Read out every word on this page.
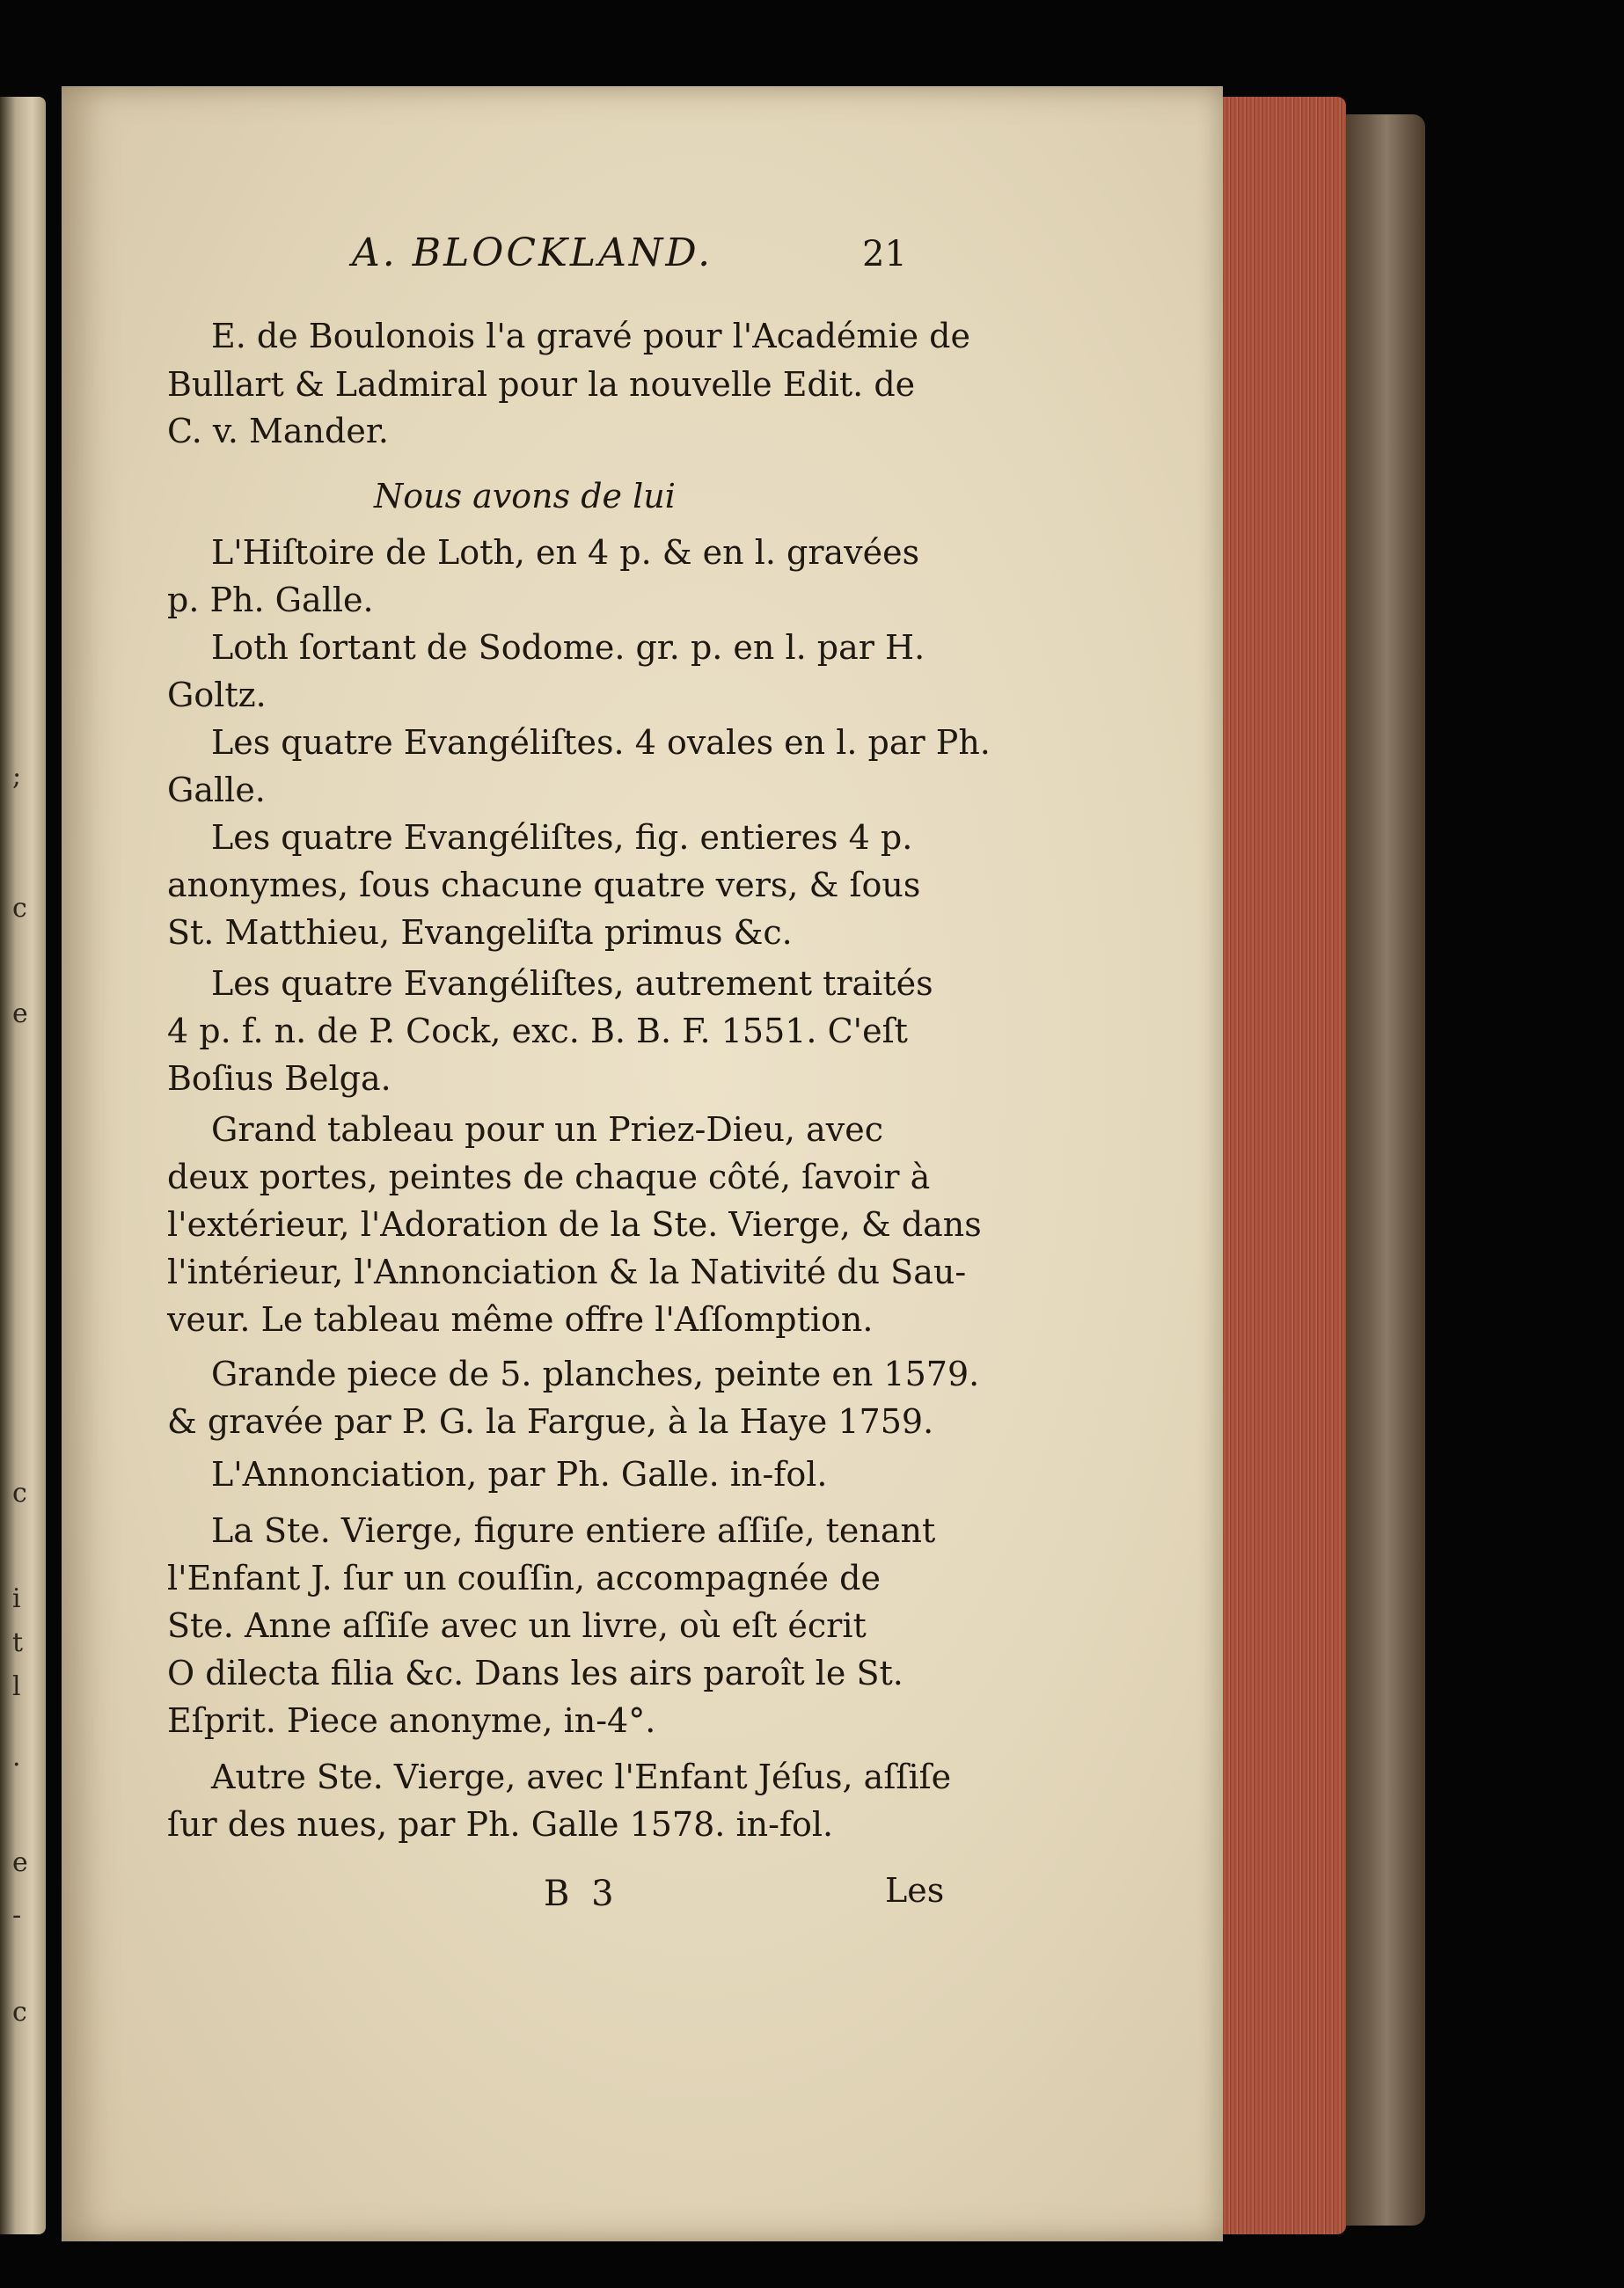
;
c
e
c
i
t
l
.
e
-
c
A. BLOCKLAND.	21
E. de Boulonois l'a gravé pour l'Académie de
Bullart & Ladmiral pour la nouvelle Edit. de
C. v. Mander.
Nous avons de lui
L'Hiſtoire de Loth, en 4 p. & en l. gravées
p. Ph. Galle.
Loth ſortant de Sodome. gr. p. en l. par H.
Goltz.
Les quatre Evangéliſtes. 4 ovales en l. par Ph.
Galle.
Les quatre Evangéliſtes, fig. entieres 4 p.
anonymes, ſous chacune quatre vers, & ſous
St. Matthieu, Evangeliſta primus &c.
Les quatre Evangéliſtes, autrement traités
4 p. f. n. de P. Cock, exc. B. B. F. 1551. C'eſt
Boſius Belga.
Grand tableau pour un Priez-Dieu, avec
deux portes, peintes de chaque côté, ſavoir à
l'extérieur, l'Adoration de la Ste. Vierge, & dans
l'intérieur, l'Annonciation & la Nativité du Sau-
veur. Le tableau même offre l'Aſſomption.
Grande piece de 5. planches, peinte en 1579.
& gravée par P. G. la Fargue, à la Haye 1759.
L'Annonciation, par Ph. Galle. in-fol.
La Ste. Vierge, figure entiere aſſiſe, tenant
l'Enfant J. ſur un couſſin, accompagnée de
Ste. Anne aſſiſe avec un livre, où eſt écrit
O dilecta filia &c. Dans les airs paroît le St.
Eſprit. Piece anonyme, in-4°.
Autre Ste. Vierge, avec l'Enfant Jéſus, aſſiſe
ſur des nues, par Ph. Galle 1578. in-fol.
B 3	Les
